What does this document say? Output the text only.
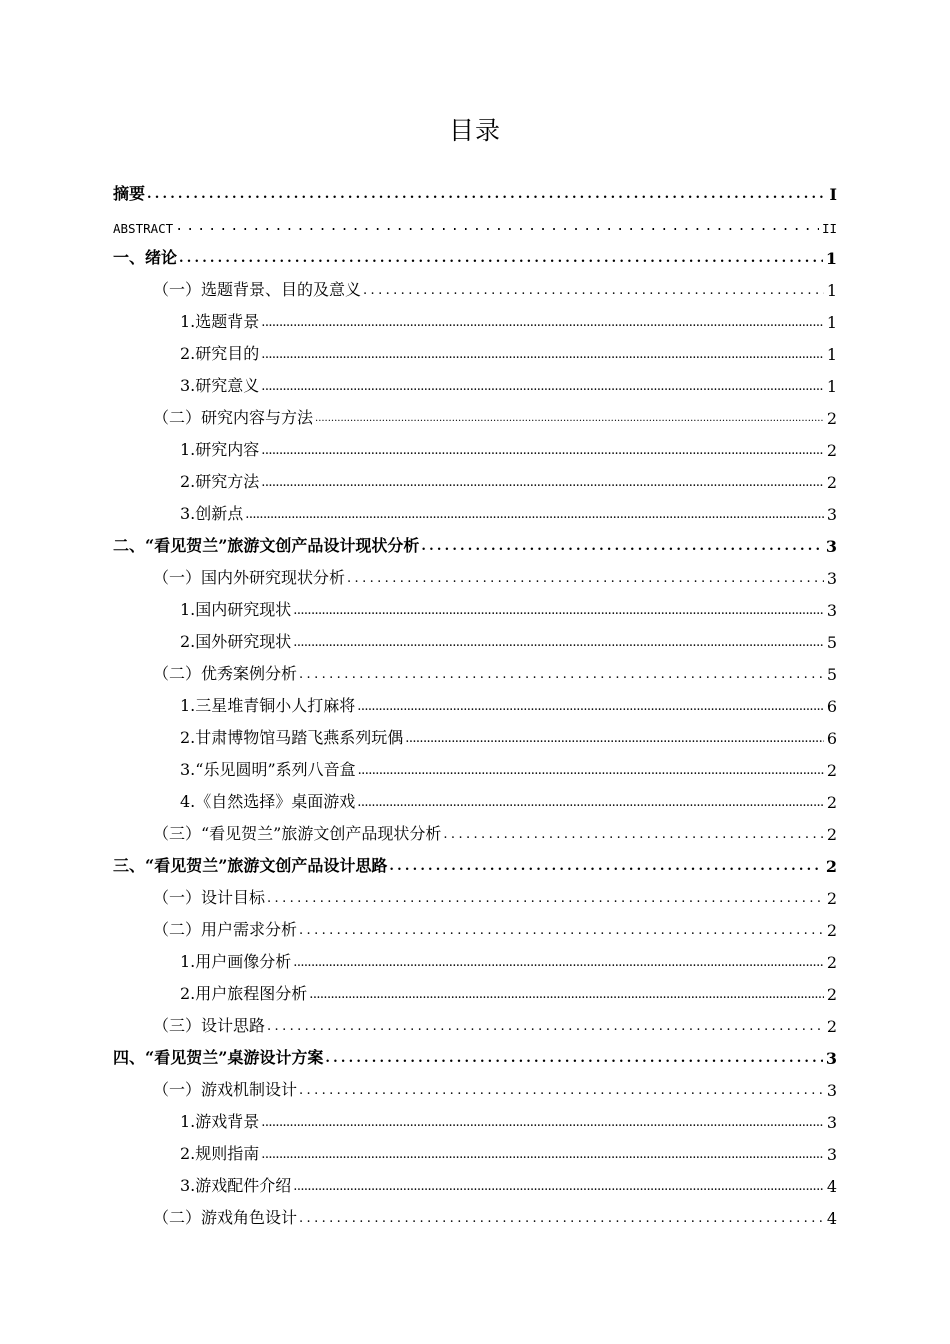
目录
摘要 .....	I
ABSTRACT .....	II
一、绪论 .....	1
（一）选题背景、目的及意义 .....	1
1.选题背景 .....	1
2.研究目的 .....	1
3.研究意义 .....	1
（二）研究内容与方法 .....	2
1.研究内容 .....	2
2.研究方法 .....	2
3.创新点 .....	3
二、“看见贺兰”旅游文创产品设计现状分析 .....	3
（一）国内外研究现状分析 .....	3
1.国内研究现状 .....	3
2.国外研究现状 .....	5
（二）优秀案例分析 .....	5
1.三星堆青铜小人打麻将 .....	6
2.甘肃博物馆马踏飞燕系列玩偶 .....	6
3.“乐见圆明”系列八音盒 .....	2
4.《自然选择》桌面游戏 .....	2
（三）“看见贺兰”旅游文创产品现状分析 .....	2
三、“看见贺兰”旅游文创产品设计思路 .....	2
（一）设计目标 .....	2
（二）用户需求分析 .....	2
1.用户画像分析 .....	2
2.用户旅程图分析 .....	2
（三）设计思路 .....	2
四、“看见贺兰”桌游设计方案 .....	3
（一）游戏机制设计 .....	3
1.游戏背景 .....	3
2.规则指南 .....	3
3.游戏配件介绍 .....	4
（二）游戏角色设计 .....	4
